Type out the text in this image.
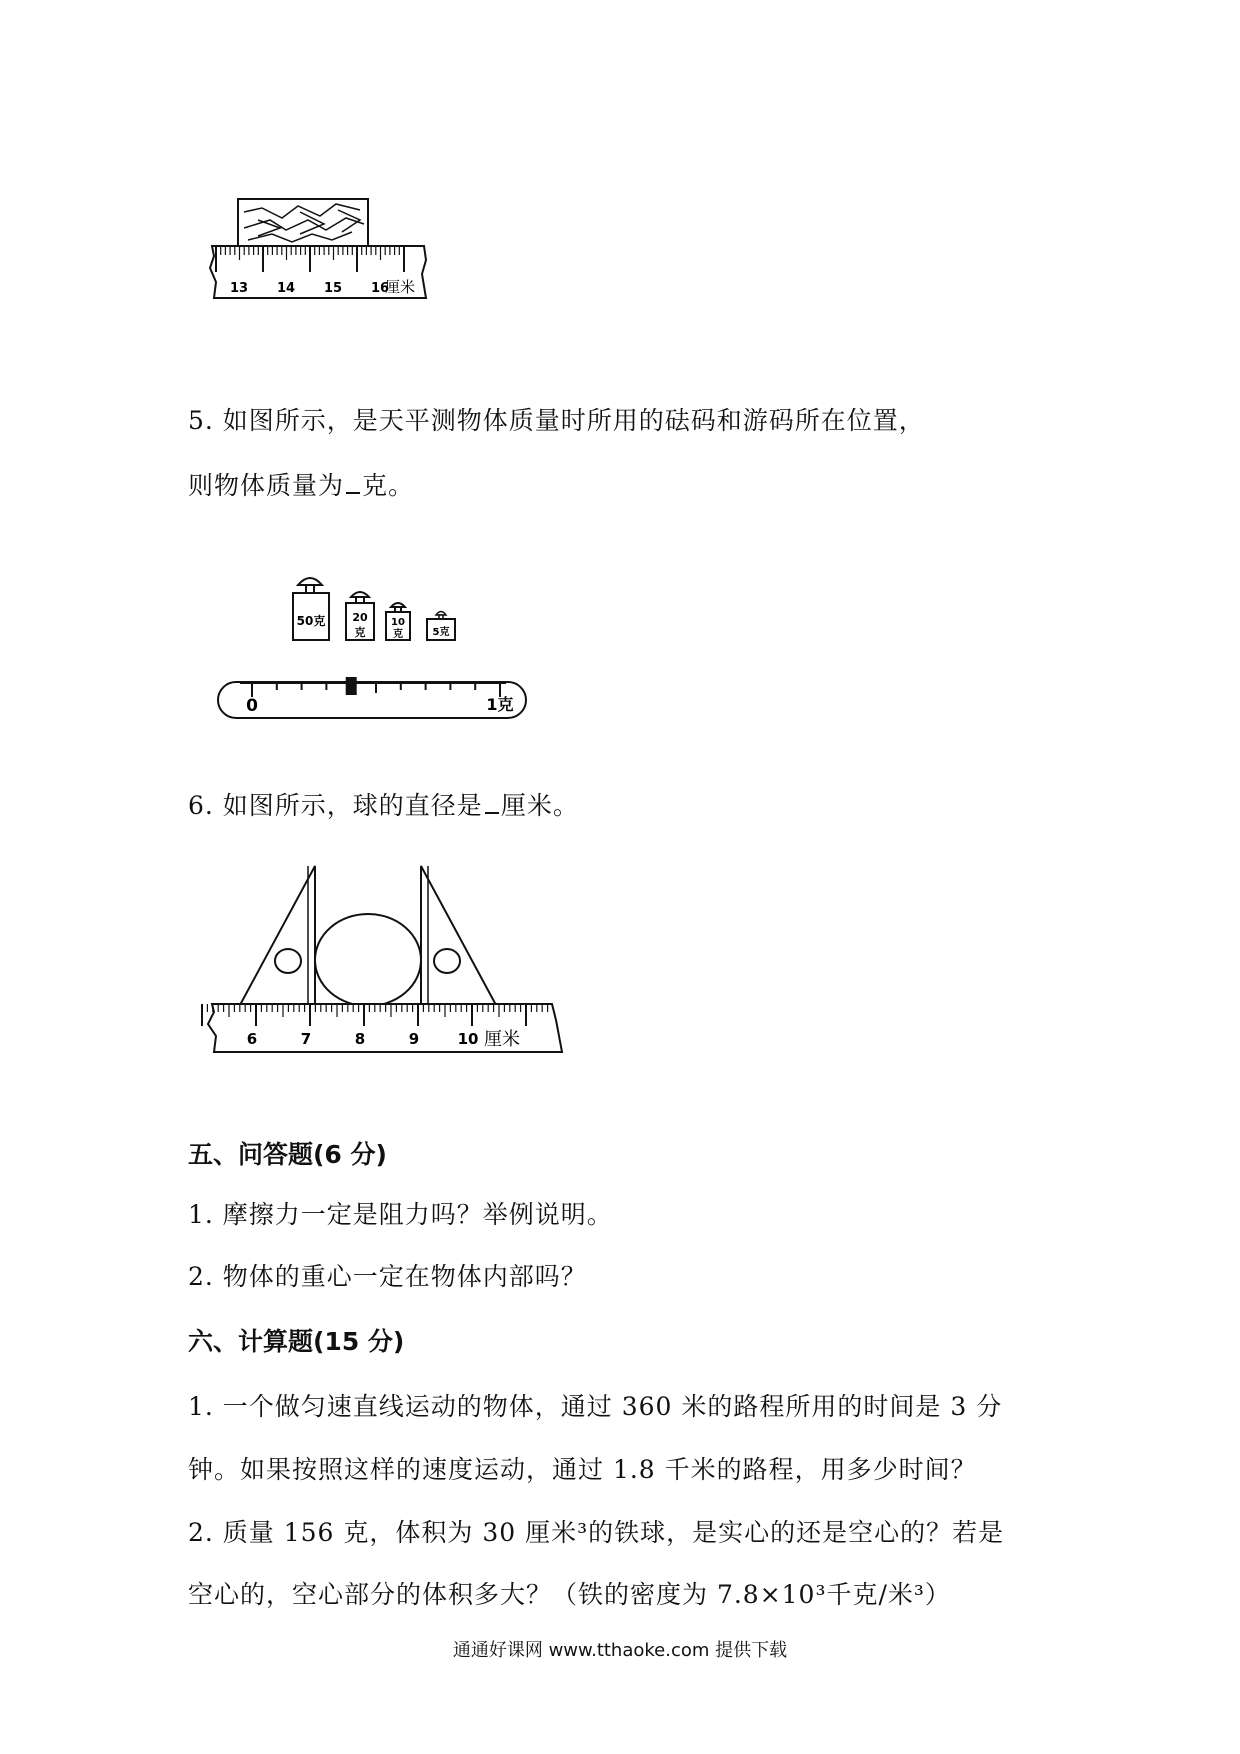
13 14 15 16
厘米
5. 如图所示，是天平测物体质量时所用的砝码和游码所在位置，
则物体质量为 克。
50克 20
克
10
克	5克
0	1克
6. 如图所示，球的直径是 厘米。
6	7	8	9	10 厘米
五、问答题(6 分)
1. 摩擦力一定是阻力吗？举例说明。
2. 物体的重心一定在物体内部吗？
六、计算题(15 分)
1. 一个做匀速直线运动的物体，通过 360 米的路程所用的时间是 3 分
钟。如果按照这样的速度运动，通过 1.8 千米的路程，用多少时间？
2. 质量 156 克，体积为 30 厘米³的铁球，是实心的还是空心的？若是
空心的，空心部分的体积多大？（铁的密度为 7.8×10³千克/米³）
通通好课网 www.tthaoke.com 提供下载
